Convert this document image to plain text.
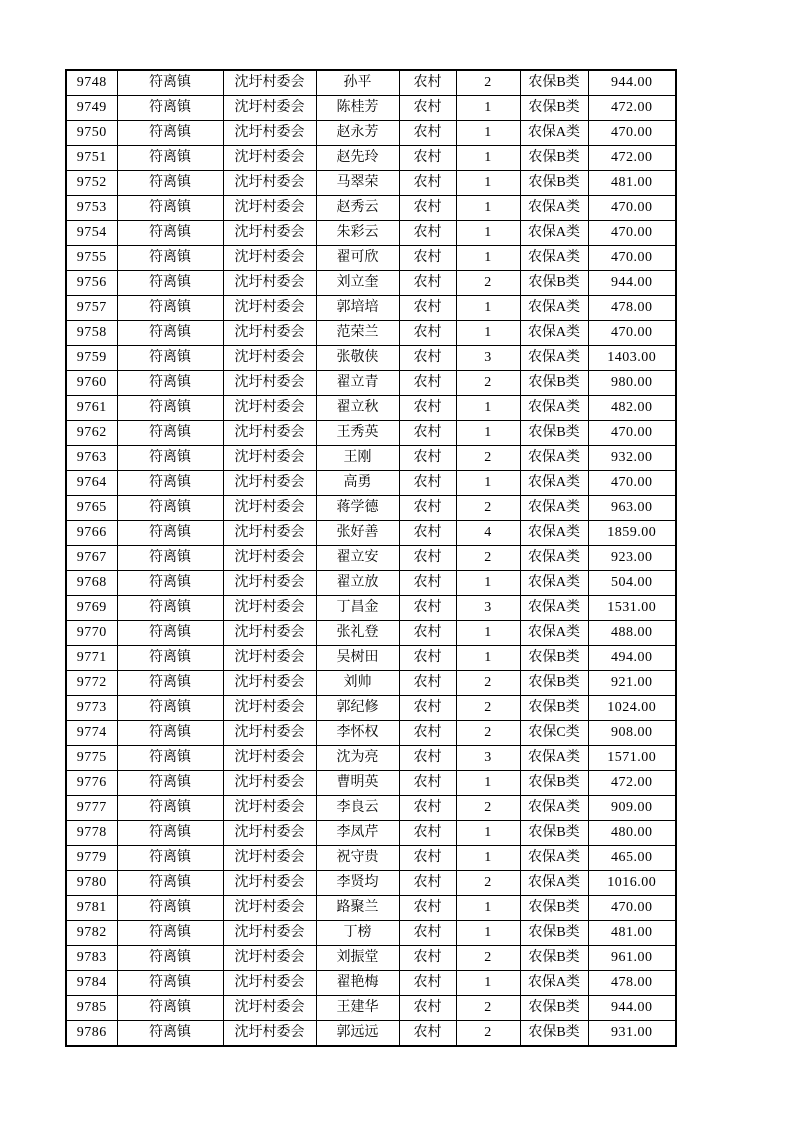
9748	符离镇	沈圩村委会	孙平	农村	2	农保B类	944.00
9749	符离镇	沈圩村委会	陈桂芳	农村	1	农保B类	472.00
9750	符离镇	沈圩村委会	赵永芳	农村	1	农保A类	470.00
9751	符离镇	沈圩村委会	赵先玲	农村	1	农保B类	472.00
9752	符离镇	沈圩村委会	马翠荣	农村	1	农保B类	481.00
9753	符离镇	沈圩村委会	赵秀云	农村	1	农保A类	470.00
9754	符离镇	沈圩村委会	朱彩云	农村	1	农保A类	470.00
9755	符离镇	沈圩村委会	翟可欣	农村	1	农保A类	470.00
9756	符离镇	沈圩村委会	刘立奎	农村	2	农保B类	944.00
9757	符离镇	沈圩村委会	郭培培	农村	1	农保A类	478.00
9758	符离镇	沈圩村委会	范荣兰	农村	1	农保A类	470.00
9759	符离镇	沈圩村委会	张敬侠	农村	3	农保A类	1403.00
9760	符离镇	沈圩村委会	翟立青	农村	2	农保B类	980.00
9761	符离镇	沈圩村委会	翟立秋	农村	1	农保A类	482.00
9762	符离镇	沈圩村委会	王秀英	农村	1	农保B类	470.00
9763	符离镇	沈圩村委会	王刚	农村	2	农保A类	932.00
9764	符离镇	沈圩村委会	高勇	农村	1	农保A类	470.00
9765	符离镇	沈圩村委会	蒋学德	农村	2	农保A类	963.00
9766	符离镇	沈圩村委会	张好善	农村	4	农保A类	1859.00
9767	符离镇	沈圩村委会	翟立安	农村	2	农保A类	923.00
9768	符离镇	沈圩村委会	翟立放	农村	1	农保A类	504.00
9769	符离镇	沈圩村委会	丁昌金	农村	3	农保A类	1531.00
9770	符离镇	沈圩村委会	张礼登	农村	1	农保A类	488.00
9771	符离镇	沈圩村委会	吴树田	农村	1	农保B类	494.00
9772	符离镇	沈圩村委会	刘帅	农村	2	农保B类	921.00
9773	符离镇	沈圩村委会	郭纪修	农村	2	农保B类	1024.00
9774	符离镇	沈圩村委会	李怀权	农村	2	农保C类	908.00
9775	符离镇	沈圩村委会	沈为亮	农村	3	农保A类	1571.00
9776	符离镇	沈圩村委会	曹明英	农村	1	农保B类	472.00
9777	符离镇	沈圩村委会	李良云	农村	2	农保A类	909.00
9778	符离镇	沈圩村委会	李凤芹	农村	1	农保B类	480.00
9779	符离镇	沈圩村委会	祝守贵	农村	1	农保A类	465.00
9780	符离镇	沈圩村委会	李贤均	农村	2	农保A类	1016.00
9781	符离镇	沈圩村委会	路聚兰	农村	1	农保B类	470.00
9782	符离镇	沈圩村委会	丁榜	农村	1	农保B类	481.00
9783	符离镇	沈圩村委会	刘振堂	农村	2	农保B类	961.00
9784	符离镇	沈圩村委会	翟艳梅	农村	1	农保A类	478.00
9785	符离镇	沈圩村委会	王建华	农村	2	农保B类	944.00
9786	符离镇	沈圩村委会	郭远远	农村	2	农保B类	931.00
